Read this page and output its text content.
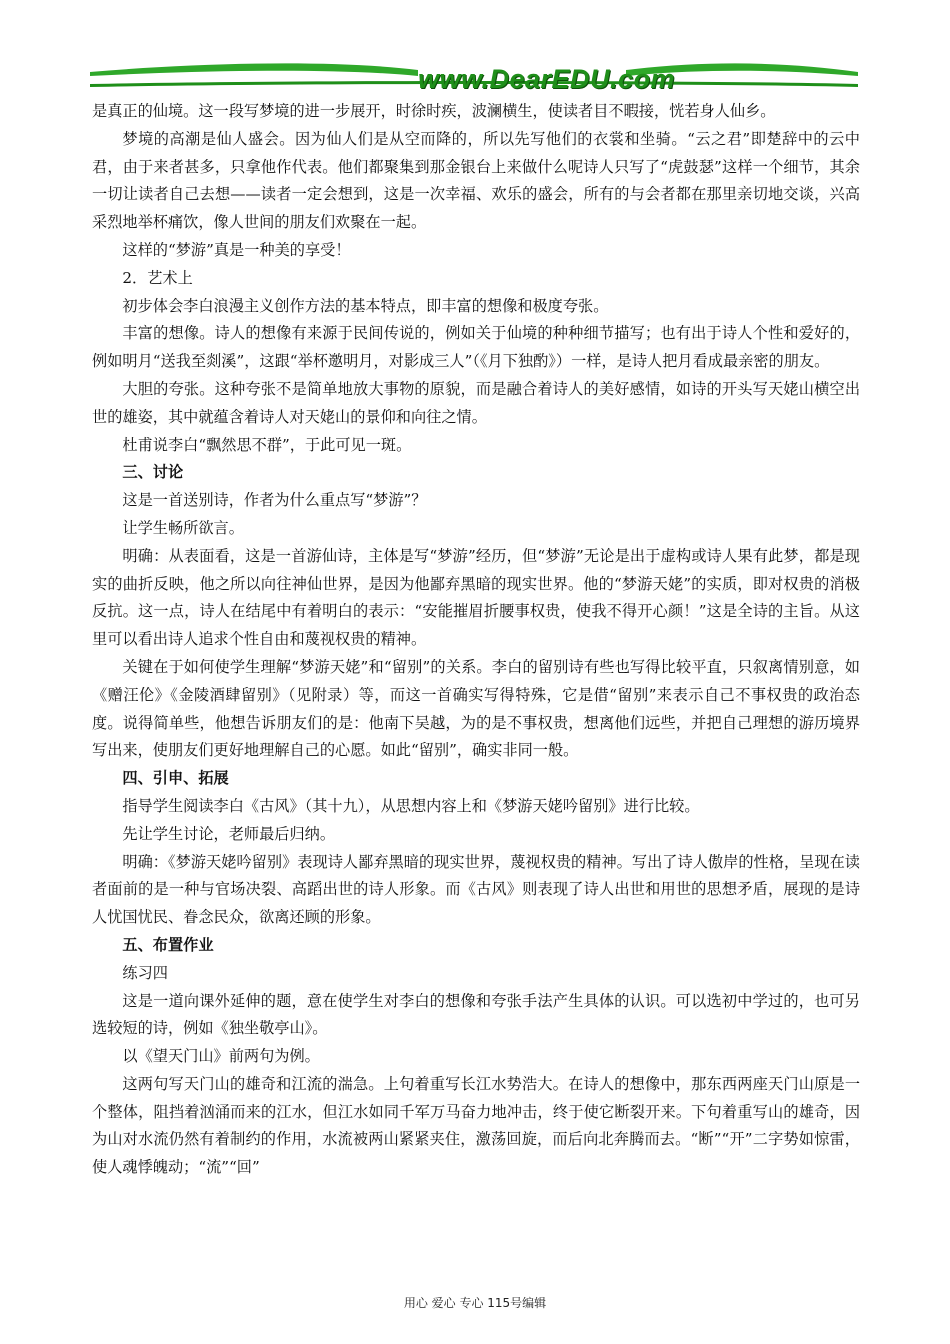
www.DearEDU.com

是真正的仙境。这一段写梦境的进一步展开，时徐时疾，波澜横生，使读者目不暇接，恍若身人仙乡。

梦境的高潮是仙人盛会。因为仙人们是从空而降的，所以先写他们的衣裳和坐骑。“云之君”即楚辞中的云中君，由于来者甚多，只拿他作代表。他们都聚集到那金银台上来做什么呢诗人只写了“虎鼓瑟”这样一个细节，其余一切让读者自己去想——读者一定会想到，这是一次幸福、欢乐的盛会，所有的与会者都在那里亲切地交谈，兴高采烈地举杯痛饮，像人世间的朋友们欢聚在一起。

这样的“梦游”真是一种美的享受！

2．艺术上

初步体会李白浪漫主义创作方法的基本特点，即丰富的想像和极度夸张。

丰富的想像。诗人的想像有来源于民间传说的，例如关于仙境的种种细节描写；也有出于诗人个性和爱好的，例如明月“送我至剡溪”，这跟“举杯邀明月，对影成三人”（《月下独酌》）一样，是诗人把月看成最亲密的朋友。

大胆的夸张。这种夸张不是简单地放大事物的原貌，而是融合着诗人的美好感情，如诗的开头写天姥山横空出世的雄姿，其中就蕴含着诗人对天姥山的景仰和向往之情。

杜甫说李白“飘然思不群”，于此可见一斑。

三、讨论

这是一首送别诗，作者为什么重点写“梦游”？

让学生畅所欲言。

明确：从表面看，这是一首游仙诗，主体是写“梦游”经历，但“梦游”无论是出于虚构或诗人果有此梦，都是现实的曲折反映，他之所以向往神仙世界，是因为他鄙弃黑暗的现实世界。他的“梦游天姥”的实质，即对权贵的消极反抗。这一点，诗人在结尾中有着明白的表示：“安能摧眉折腰事权贵，使我不得开心颜！”这是全诗的主旨。从这里可以看出诗人追求个性自由和蔑视权贵的精神。

关键在于如何使学生理解“梦游天姥”和“留别”的关系。李白的留别诗有些也写得比较平直，只叙离情别意，如《赠汪伦》《金陵酒肆留别》（见附录）等，而这一首确实写得特殊，它是借“留别”来表示自己不事权贵的政治态度。说得简单些，他想告诉朋友们的是：他南下吴越，为的是不事权贵，想离他们远些，并把自己理想的游历境界写出来，使朋友们更好地理解自己的心愿。如此“留别”，确实非同一般。

四、引申、拓展

指导学生阅读李白《古风》（其十九），从思想内容上和《梦游天姥吟留别》进行比较。

先让学生讨论，老师最后归纳。

明确：《梦游天姥吟留别》表现诗人鄙弃黑暗的现实世界，蔑视权贵的精神。写出了诗人傲岸的性格，呈现在读者面前的是一种与官场决裂、高蹈出世的诗人形象。而《古风》则表现了诗人出世和用世的思想矛盾，展现的是诗人忧国忧民、眷念民众，欲离还顾的形象。

五、布置作业

练习四

这是一道向课外延伸的题，意在使学生对李白的想像和夸张手法产生具体的认识。可以选初中学过的，也可另选较短的诗，例如《独坐敬亭山》。

以《望天门山》前两句为例。

这两句写天门山的雄奇和江流的湍急。上句着重写长江水势浩大。在诗人的想像中，那东西两座天门山原是一个整体，阻挡着汹涌而来的江水，但江水如同千军万马奋力地冲击，终于使它断裂开来。下句着重写山的雄奇，因为山对水流仍然有着制约的作用，水流被两山紧紧夹住，激荡回旋，而后向北奔腾而去。“断”“开”二字势如惊雷，使人魂悸魄动；“流”“回”

用心 爱心 专心 115号编辑
